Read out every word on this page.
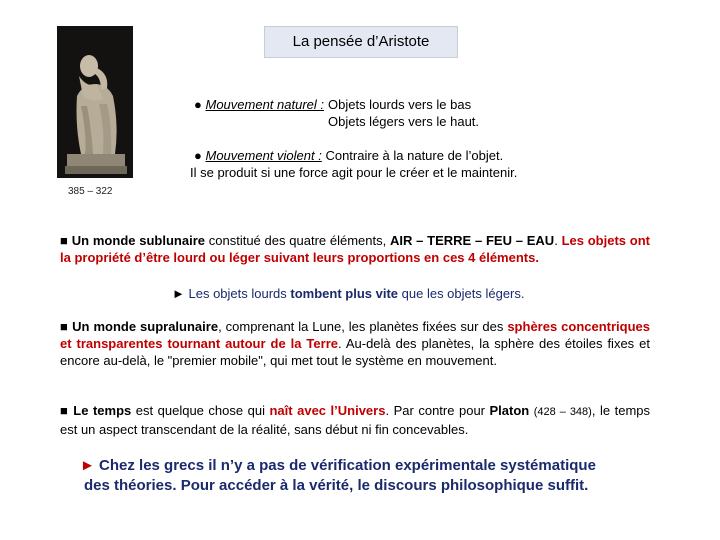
385 – 322
La pensée d’Aristote
● Mouvement naturel : Objets lourds vers le bas
Objets légers vers le haut.
● Mouvement violent : Contraire à la nature de l’objet.
Il se produit si une force agit pour le créer et le maintenir.
■ Un monde sublunaire constitué des quatre éléments, AIR – TERRE – FEU – EAU. Les objets ont la propriété d’être lourd ou léger suivant leurs proportions en ces 4 éléments.
► Les objets lourds tombent plus vite que les objets légers.
■ Un monde supralunaire, comprenant la Lune, les planètes fixées sur des sphères concentriques et transparentes tournant autour de la Terre. Au-delà des planètes, la sphère des étoiles fixes et encore au-delà, le "premier mobile", qui met tout le système en mouvement.
■ Le temps est quelque chose qui naît avec l’Univers. Par contre pour Platon (428 – 348), le temps est un aspect transcendant de la réalité, sans début ni fin concevables.
► Chez les grecs il n’y a pas de vérification expérimentale systématique
des théories. Pour accéder à la vérité, le discours philosophique suffit.
